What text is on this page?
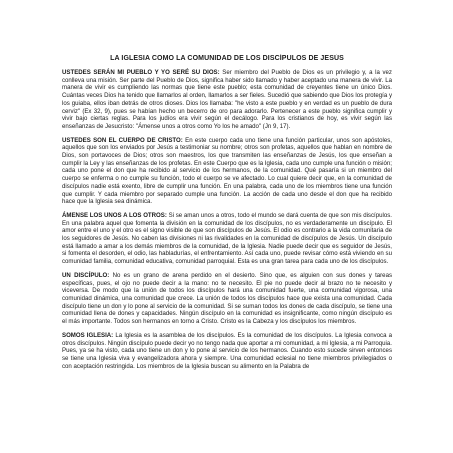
LA IGLESIA COMO LA COMUNIDAD DE LOS DISCÍPULOS DE JESÚS

USTEDES SERÁN MI PUEBLO Y YO SERÉ SU DIOS: Ser miembro del Pueblo de Dios es un privilegio y, a la vez conlleva una misión. Ser parte del Pueblo de Dios, significa haber sido llamado y haber aceptado una manera de vivir. La manera de vivir es cumpliendo las normas que tiene este pueblo; esta comunidad de creyentes tiene un único Dios. Cuántas veces Dios ha tenido que llamarlos al orden, llamarlos a ser fieles. Sucedió que sabiendo que Dios los protegía y los guiaba, ellos iban detrás de otros dioses. Dios los llamaba: "he visto a este pueblo y en verdad es un pueblo de dura cerviz" (Ex 32, 9), pues se habían hecho un becerro de oro para adorarlo. Pertenecer a este pueblo significa cumplir y vivir bajo ciertas reglas. Para los judíos era vivir según el decálogo. Para los cristianos de hoy, es vivir según las enseñanzas de Jesucristo: "Ámense unos a otros como Yo los he amado" (Jn 9, 17).

USTEDES SON EL CUERPO DE CRISTO: En este cuerpo cada uno tiene una función particular, unos son apóstoles, aquellos que son los enviados por Jesús a testimoniar su nombre; otros son profetas, aquellos que hablan en nombre de Dios, son portavoces de Dios; otros son maestros, los que transmiten las enseñanzas de Jesús, los que enseñan a cumplir la Ley y las enseñanzas de los profetas. En este Cuerpo que es la Iglesia, cada uno cumple una función o misión; cada uno pone el don que ha recibido al servicio de los hermanos, de la comunidad. Qué pasaría si un miembro del cuerpo se enferma o no cumple su función, todo el cuerpo se ve afectado. Lo cual quiere decir que, en la comunidad de discípulos nadie está exento, libre de cumplir una función. En una palabra, cada uno de los miembros tiene una función que cumplir. Y cada miembro por separado cumple una función. La acción de cada uno desde el don que ha recibido hace que la Iglesia sea dinámica.

ÁMENSE LOS UNOS A LOS OTROS: Si se aman unos a otros, todo el mundo se dará cuenta de que son mis discípulos. En una palabra aquel que fomenta la división en la comunidad de los discípulos, no es verdaderamente un discípulo. El amor entre el uno y el otro es el signo visible de que son discípulos de Jesús. El odio es contrario a la vida comunitaria de los seguidores de Jesús. No caben las divisiones ni las rivalidades en la comunidad de discípulos de Jesús. Un discípulo está llamado a amar a los demás miembros de la comunidad, de la Iglesia. Nadie puede decir que es seguidor de Jesús, si fomenta el desorden, el odio, las habladurías, el enfrentamiento. Así cada uno, puede revisar cómo está viviendo en su comunidad familia, comunidad educativa, comunidad parroquial. Esta es una gran tarea para cada uno de los discípulos.

UN DISCÍPULO: No es un grano de arena perdido en el desierto. Sino que, es alguien con sus dones y tareas específicas, pues, el ojo no puede decir a la mano: no te necesito. El pie no puede decir al brazo no te necesito y viceversa. De modo que la unión de todos los discípulos hará una comunidad fuerte, una comunidad vigorosa, una comunidad dinámica, una comunidad que crece. La unión de todos los discípulos hace que exista una comunidad. Cada discípulo tiene un don y lo pone al servicio de la comunidad. Si se suman todos los dones de cada discípulo, se tiene una comunidad llena de dones y capacidades. Ningún discípulo en la comunidad es insignificante, como ningún discípulo es el más importante. Todos son hermanos en torno a Cristo. Cristo es la Cabeza y los discípulos los miembros.

SOMOS IGLESIA: La Iglesia es la asamblea de los discípulos. Es la comunidad de los discípulos. La Iglesia convoca a otros discípulos. Ningún discípulo puede decir yo no tengo nada que aportar a mi comunidad, a mi Iglesia, a mi Parroquia. Pues, ya se ha visto, cada uno tiene un don y lo pone al servicio de los hermanos. Cuando esto sucede sirven entonces se tiene una Iglesia viva y evangelizadora ahora y siempre. Una comunidad eclesial no tiene miembros privilegiados o con aceptación restringida. Los miembros de la Iglesia buscan su alimento en la Palabra de
